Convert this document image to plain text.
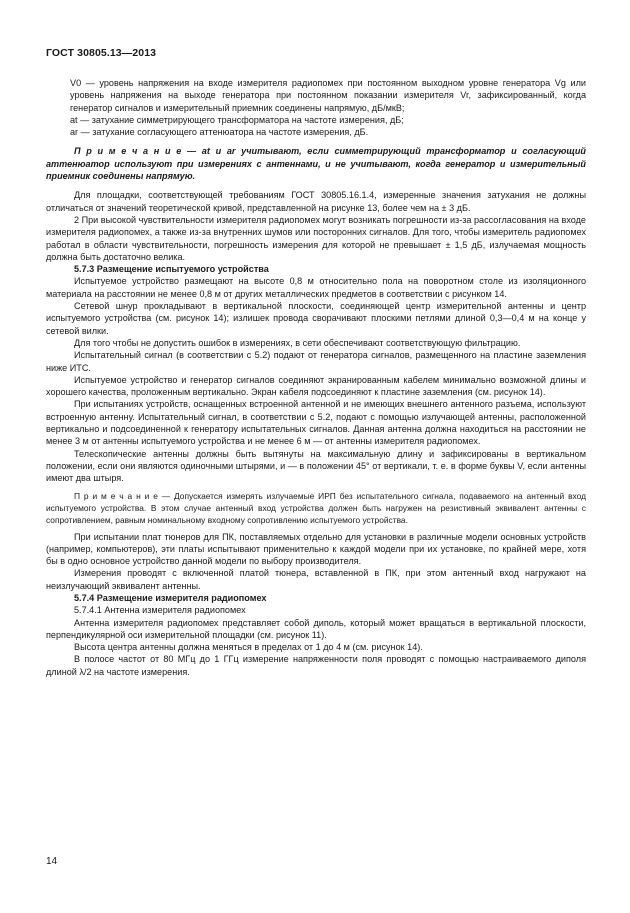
ГОСТ 30805.13—2013

V0 — уровень напряжения на входе измерителя радиопомех при постоянном выходном уровне генератора Vg или уровень напряжения на выходе генератора при постоянном показании измерителя Vr, зафиксированный, когда генератор сигналов и измерительный приемник соединены напрямую, дБ/мкВ;

at — затухание симметрирующего трансформатора на частоте измерения, дБ;

ar — затухание согласующего аттенюатора на частоте измерения, дБ.

П р и м е ч а н и е — at и ar учитывают, если симметрирующий трансформатор и согласующий аттенюатор используют при измерениях с антеннами, и не учитывают, когда генератор и измерительный приемник соединены напрямую.

Для площадки, соответствующей требованиям ГОСТ 30805.16.1.4, измеренные значения затухания не должны отличаться от значений теоретической кривой, представленной на рисунке 13, более чем на ± 3 дБ.

2 При высокой чувствительности измерителя радиопомех могут возникать погрешности из-за рассогласования на входе измерителя радиопомех, а также из-за внутренних шумов или посторонних сигналов. Для того, чтобы измеритель радиопомех работал в области чувствительности, погрешность измерения для которой не превышает ± 1,5 дБ, излучаемая мощность должна быть достаточно велика.

5.7.3 Размещение испытуемого устройства

Испытуемое устройство размещают на высоте 0,8 м относительно пола на поворотном столе из изоляционного материала на расстоянии не менее 0,8 м от других металлических предметов в соответствии с рисунком 14.

Сетевой шнур прокладывают в вертикальной плоскости, соединяющей центр измерительной антенны и центр испытуемого устройства (см. рисунок 14); излишек провода сворачивают плоскими петлями длиной 0,3—0,4 м на конце у сетевой вилки.

Для того чтобы не допустить ошибок в измерениях, в сети обеспечивают соответствующую фильтрацию.

Испытательный сигнал (в соответствии с 5.2) подают от генератора сигналов, размещенного на пластине заземления ниже ИТС.

Испытуемое устройство и генератор сигналов соединяют экранированным кабелем минимально возможной длины и хорошего качества, проложенным вертикально. Экран кабеля подсоединяют к пластине заземления (см. рисунок 14).

При испытаниях устройств, оснащенных встроенной антенной и не имеющих внешнего антенного разъема, используют встроенную антенну. Испытательный сигнал, в соответствии с 5.2, подают с помощью излучающей антенны, расположенной вертикально и подсоединенной к генератору испытательных сигналов. Данная антенна должна находиться на расстоянии не менее 3 м от антенны испытуемого устройства и не менее 6 м — от антенны измерителя радиопомех.

Телескопические антенны должны быть вытянуты на максимальную длину и зафиксированы в вертикальном положении, если они являются одиночными штырями, и — в положении 45° от вертикали, т. е. в форме буквы V, если антенны имеют два штыря.

П р и м е ч а н и е — Допускается измерять излучаемые ИРП без испытательного сигнала, подаваемого на антенный вход испытуемого устройства. В этом случае антенный вход устройства должен быть нагружен на резистивный эквивалент антенны с сопротивлением, равным номинальному входному сопротивлению испытуемого устройства.

При испытании плат тюнеров для ПК, поставляемых отдельно для установки в различные модели основных устройств (например, компьютеров), эти платы испытывают применительно к каждой модели при их установке, по крайней мере, хотя бы в одно основное устройство данной модели по выбору производителя.

Измерения проводят с включенной платой тюнера, вставленной в ПК, при этом антенный вход нагружают на неизлучающий эквивалент антенны.

5.7.4 Размещение измерителя радиопомех

5.7.4.1 Антенна измерителя радиопомех

Антенна измерителя радиопомех представляет собой диполь, который может вращаться в вертикальной плоскости, перпендикулярной оси измерительной площадки (см. рисунок 11).

Высота центра антенны должна меняться в пределах от 1 до 4 м (см. рисунок 14).

В полосе частот от 80 МГц до 1 ГГц измерение напряженности поля проводят с помощью настраиваемого диполя длиной λ/2 на частоте измерения.

14
